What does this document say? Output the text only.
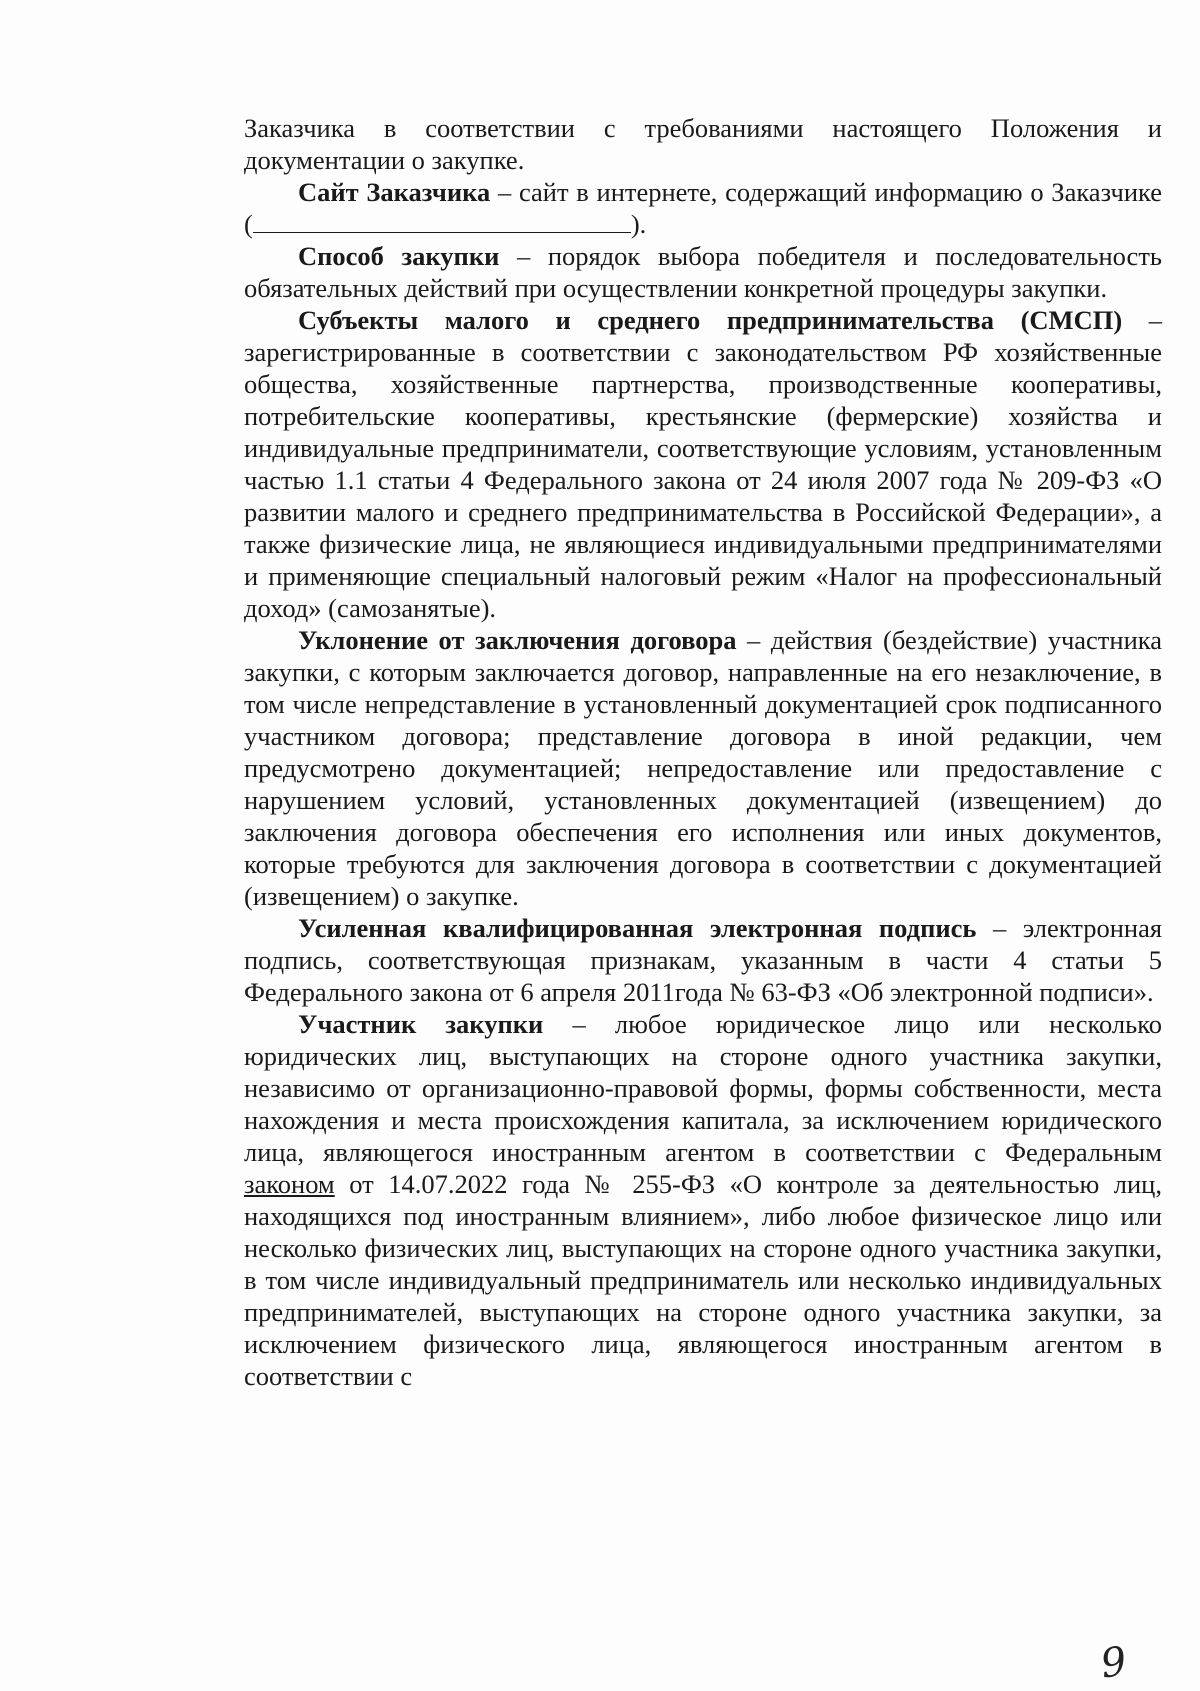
Заказчика в соответствии с требованиями настоящего Положения и документации о закупке.

Сайт Заказчика – сайт в интернете, содержащий информацию о Заказчике (	).

Способ закупки – порядок выбора победителя и последовательность обязательных действий при осуществлении конкретной процедуры закупки.

Субъекты малого и среднего предпринимательства (СМСП) – зарегистрированные в соответствии с законодательством РФ хозяйственные общества, хозяйственные партнерства, производственные кооперативы, потребительские кооперативы, крестьянские (фермерские) хозяйства и индивидуальные предприниматели, соответствующие условиям, установленным частью 1.1 статьи 4 Федерального закона от 24 июля 2007 года № 209-ФЗ «О развитии малого и среднего предпринимательства в Российской Федерации», а также физические лица, не являющиеся индивидуальными предпринимателями и применяющие специальный налоговый режим «Налог на профессиональный доход» (самозанятые).

Уклонение от заключения договора – действия (бездействие) участника закупки, с которым заключается договор, направленные на его незаключение, в том числе непредставление в установленный документацией срок подписанного участником договора; представление договора в иной редакции, чем предусмотрено документацией; непредоставление или предоставление с нарушением условий, установленных документацией (извещением) до заключения договора обеспечения его исполнения или иных документов, которые требуются для заключения договора в соответствии с документацией (извещением) о закупке.

Усиленная квалифицированная электронная подпись – электронная подпись, соответствующая признакам, указанным в части 4 статьи 5 Федерального закона от 6 апреля 2011года № 63-ФЗ «Об электронной подписи».

Участник закупки – любое юридическое лицо или несколько юридических лиц, выступающих на стороне одного участника закупки, независимо от организационно-правовой формы, формы собственности, места нахождения и места происхождения капитала, за исключением юридического лица, являющегося иностранным агентом в соответствии с Федеральным законом от 14.07.2022 года № 255-ФЗ «О контроле за деятельностью лиц, находящихся под иностранным влиянием», либо любое физическое лицо или несколько физических лиц, выступающих на стороне одного участника закупки, в том числе индивидуальный предприниматель или несколько индивидуальных предпринимателей, выступающих на стороне одного участника закупки, за исключением физического лица, являющегося иностранным агентом в соответствии с

9
